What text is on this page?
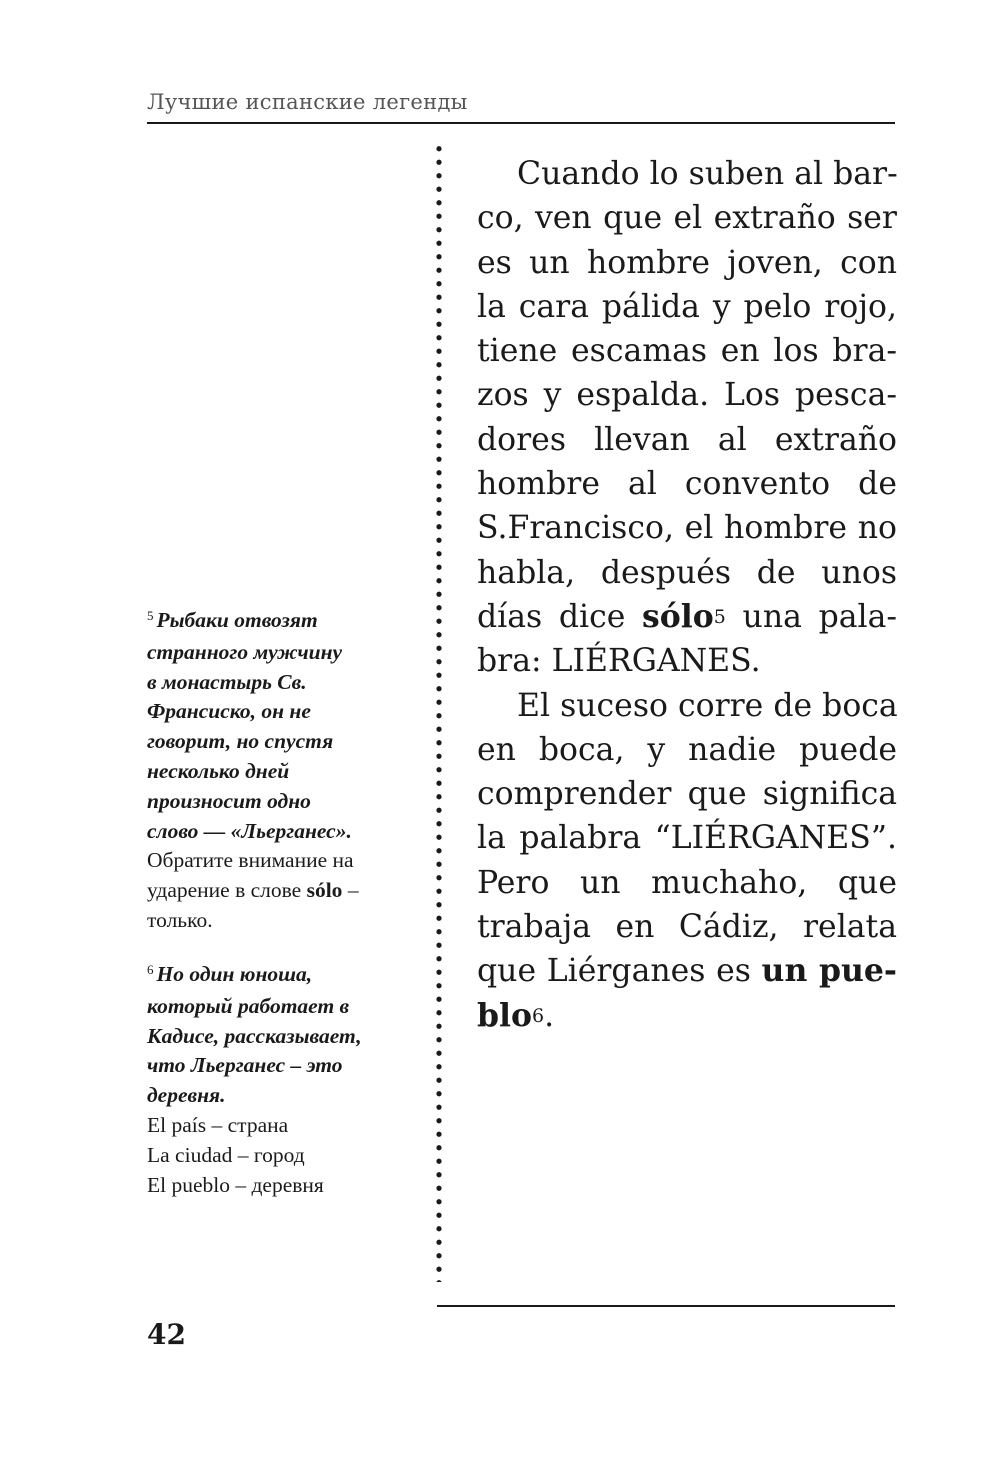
Лучшие испанские легенды
Cuando lo suben al bar-
co, ven que el extraño ser
es un hombre joven, con
la cara pálida y pelo rojo,
tiene escamas en los bra-
zos y espalda. Los pesca-
dores llevan al extraño
hombre al convento de
S.Francisco, el hombre no
habla, después de unos
días dice sólo$^5$ una pala-
bra: LIÉRGANES.
El suceso corre de boca
en boca, y nadie puede
comprender que significa
la palabra “LIÉRGANES”.
Pero un muchaho, que
trabaja en Cádiz, relata
que Liérganes es un pue-
blo$^6$.
$^5$ Рыбаки отвозят
странного мужчину
в монастырь Св.
Франсиско, он не
говорит, но спустя
несколько дней
произносит одно
слово — «Льерганес».
Обратите внимание на
ударение в слове sólo –
только.
$^6$ Но один юноша,
который работает в
Кадисе, рассказывает,
что Льерганес – это
деревня.
El país – страна
La ciudad – город
El pueblo – деревня
42
